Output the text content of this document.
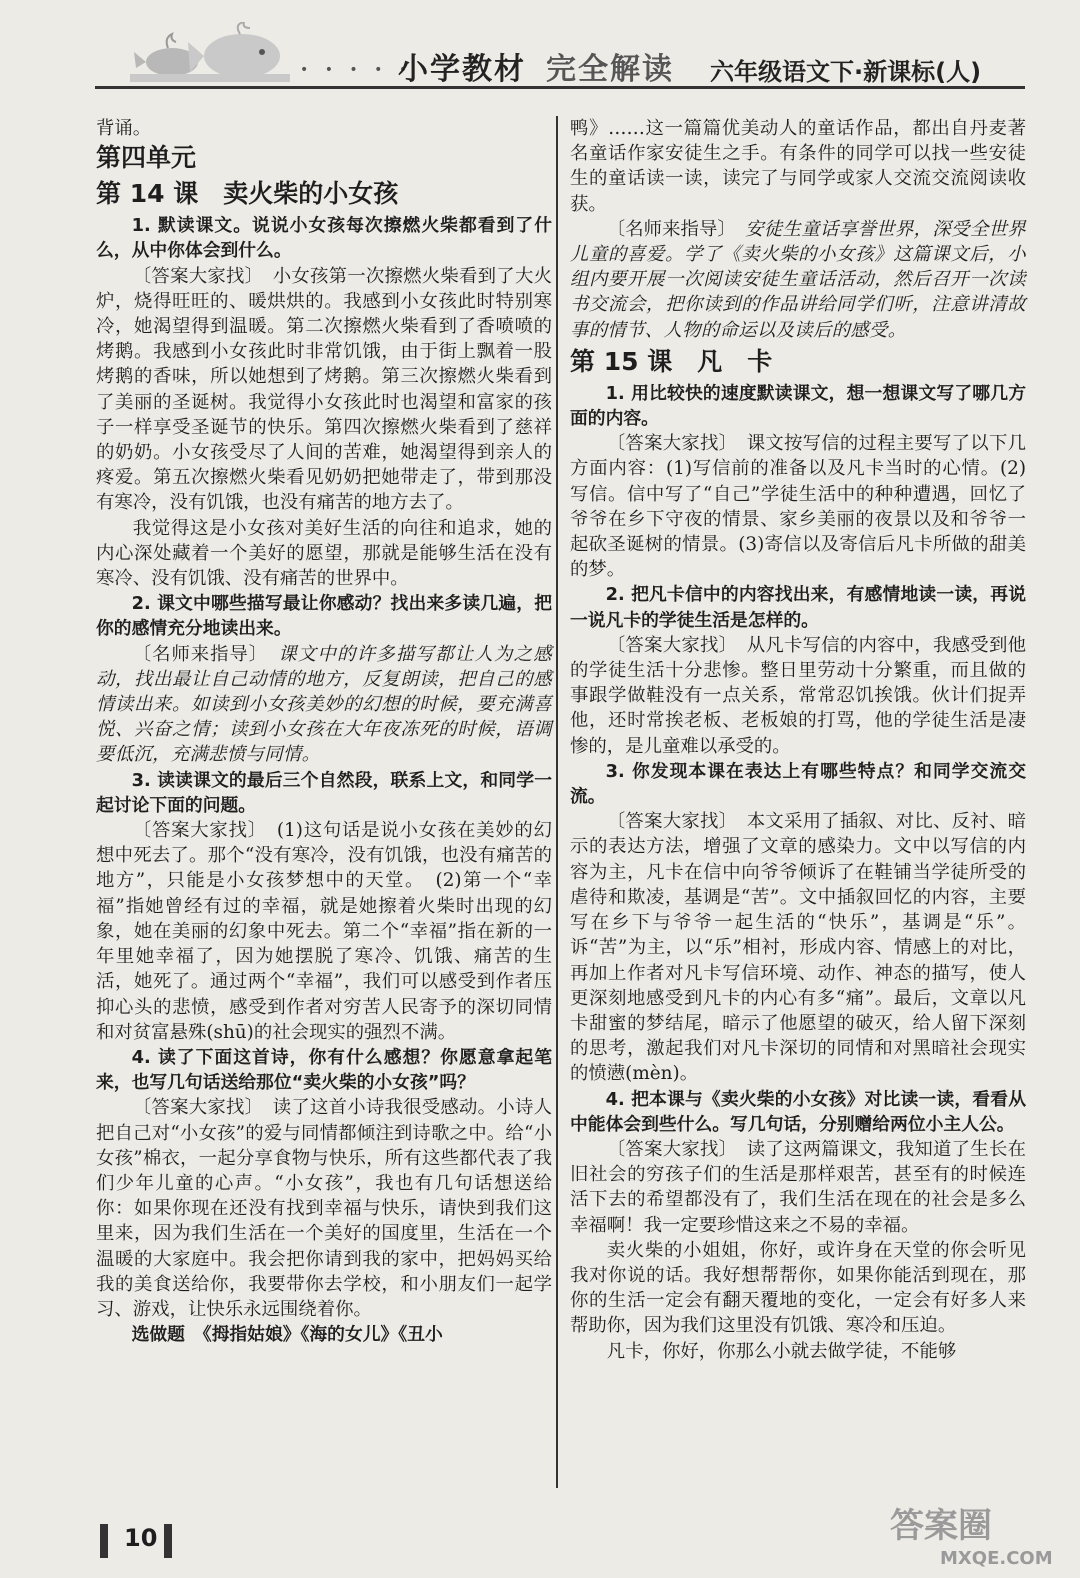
• • • • •
小学教材 完全解读 六年级语文下·新课标(人)

背诵。

第四单元
第 14 课　卖火柴的小女孩

1. 默读课文。说说小女孩每次擦燃火柴都看到了什么，从中你体会到什么。

〔答案大家找〕　 小女孩第一次擦燃火柴看到了大火炉，烧得旺旺的、暖烘烘的。我感到小女孩此时特别寒冷，她渴望得到温暖。第二次擦燃火柴看到了香喷喷的烤鹅。我感到小女孩此时非常饥饿，由于街上飘着一股烤鹅的香味，所以她想到了烤鹅。第三次擦燃火柴看到了美丽的圣诞树。我觉得小女孩此时也渴望和富家的孩子一样享受圣诞节的快乐。第四次擦燃火柴看到了慈祥的奶奶。小女孩受尽了人间的苦难，她渴望得到亲人的疼爱。第五次擦燃火柴看见奶奶把她带走了，带到那没有寒冷，没有饥饿，也没有痛苦的地方去了。

我觉得这是小女孩对美好生活的向往和追求，她的内心深处藏着一个美好的愿望，那就是能够生活在没有寒冷、没有饥饿、没有痛苦的世界中。

2. 课文中哪些描写最让你感动？找出来多读几遍，把你的感情充分地读出来。

〔名师来指导〕　 课文中的许多描写都让人为之感动，找出最让自己动情的地方，反复朗读，把自己的感情读出来。如读到小女孩美妙的幻想的时候，要充满喜悦、兴奋之情；读到小女孩在大年夜冻死的时候，语调要低沉，充满悲愤与同情。

3. 读读课文的最后三个自然段，联系上文，和同学一起讨论下面的问题。

〔答案大家找〕　 (1)这句话是说小女孩在美妙的幻想中死去了。那个“没有寒冷，没有饥饿，也没有痛苦的地方”，只能是小女孩梦想中的天堂。　(2)第一个“幸福”指她曾经有过的幸福，就是她擦着火柴时出现的幻象，她在美丽的幻象中死去。第二个“幸福”指在新的一年里她幸福了，因为她摆脱了寒冷、饥饿、痛苦的生活，她死了。通过两个“幸福”，我们可以感受到作者压抑心头的悲愤，感受到作者对穷苦人民寄予的深切同情和对贫富悬殊(shū)的社会现实的强烈不满。

4. 读了下面这首诗，你有什么感想？你愿意拿起笔来，也写几句话送给那位“卖火柴的小女孩”吗？

〔答案大家找〕　 读了这首小诗我很受感动。小诗人把自己对“小女孩”的爱与同情都倾注到诗歌之中。给“小女孩”棉衣，一起分享食物与快乐，所有这些都代表了我们少年儿童的心声。“小女孩”，我也有几句话想送给你：如果你现在还没有找到幸福与快乐，请快到我们这里来，因为我们生活在一个美好的国度里，生活在一个温暖的大家庭中。我会把你请到我的家中，把妈妈买给我的美食送给你，我要带你去学校，和小朋友们一起学习、游戏，让快乐永远围绕着你。

选做题　《拇指姑娘》《海的女儿》《丑小

鸭》……这一篇篇优美动人的童话作品，都出自丹麦著名童话作家安徒生之手。有条件的同学可以找一些安徒生的童话读一读，读完了与同学或家人交流交流阅读收获。

〔名师来指导〕　 安徒生童话享誉世界，深受全世界儿童的喜爱。学了《卖火柴的小女孩》这篇课文后，小组内要开展一次阅读安徒生童话活动，然后召开一次读书交流会，把你读到的作品讲给同学们听，注意讲清故事的情节、人物的命运以及读后的感受。

第 15 课　凡　卡

1. 用比较快的速度默读课文，想一想课文写了哪几方面的内容。

〔答案大家找〕　 课文按写信的过程主要写了以下几方面内容：(1)写信前的准备以及凡卡当时的心情。(2)写信。信中写了“自己”学徒生活中的种种遭遇，回忆了爷爷在乡下守夜的情景、家乡美丽的夜景以及和爷爷一起砍圣诞树的情景。(3)寄信以及寄信后凡卡所做的甜美的梦。

2. 把凡卡信中的内容找出来，有感情地读一读，再说一说凡卡的学徒生活是怎样的。

〔答案大家找〕　 从凡卡写信的内容中，我感受到他的学徒生活十分悲惨。整日里劳动十分繁重，而且做的事跟学做鞋没有一点关系，常常忍饥挨饿。伙计们捉弄他，还时常挨老板、老板娘的打骂，他的学徒生活是凄惨的，是儿童难以承受的。

3. 你发现本课在表达上有哪些特点？和同学交流交流。

〔答案大家找〕　 本文采用了插叙、对比、反衬、暗示的表达方法，增强了文章的感染力。文中以写信的内容为主，凡卡在信中向爷爷倾诉了在鞋铺当学徒所受的虐待和欺凌，基调是“苦”。文中插叙回忆的内容，主要写在乡下与爷爷一起生活的“快乐”，基调是“乐”。诉“苦”为主，以“乐”相衬，形成内容、情感上的对比，再加上作者对凡卡写信环境、动作、神态的描写，使人更深刻地感受到凡卡的内心有多“痛”。最后，文章以凡卡甜蜜的梦结尾，暗示了他愿望的破灭，给人留下深刻的思考，激起我们对凡卡深切的同情和对黑暗社会现实的愤懑(mèn)。

4. 把本课与《卖火柴的小女孩》对比读一读，看看从中能体会到些什么。写几句话，分别赠给两位小主人公。

〔答案大家找〕　 读了这两篇课文，我知道了生长在旧社会的穷孩子们的生活是那样艰苦，甚至有的时候连活下去的希望都没有了，我们生活在现在的社会是多么幸福啊！我一定要珍惜这来之不易的幸福。

卖火柴的小姐姐，你好，或许身在天堂的你会听见我对你说的话。我好想帮帮你，如果你能活到现在，那你的生活一定会有翻天覆地的变化，一定会有好多人来帮助你，因为我们这里没有饥饿、寒冷和压迫。

凡卡，你好，你那么小就去做学徒，不能够

10	答案圈
MXQE.COM
